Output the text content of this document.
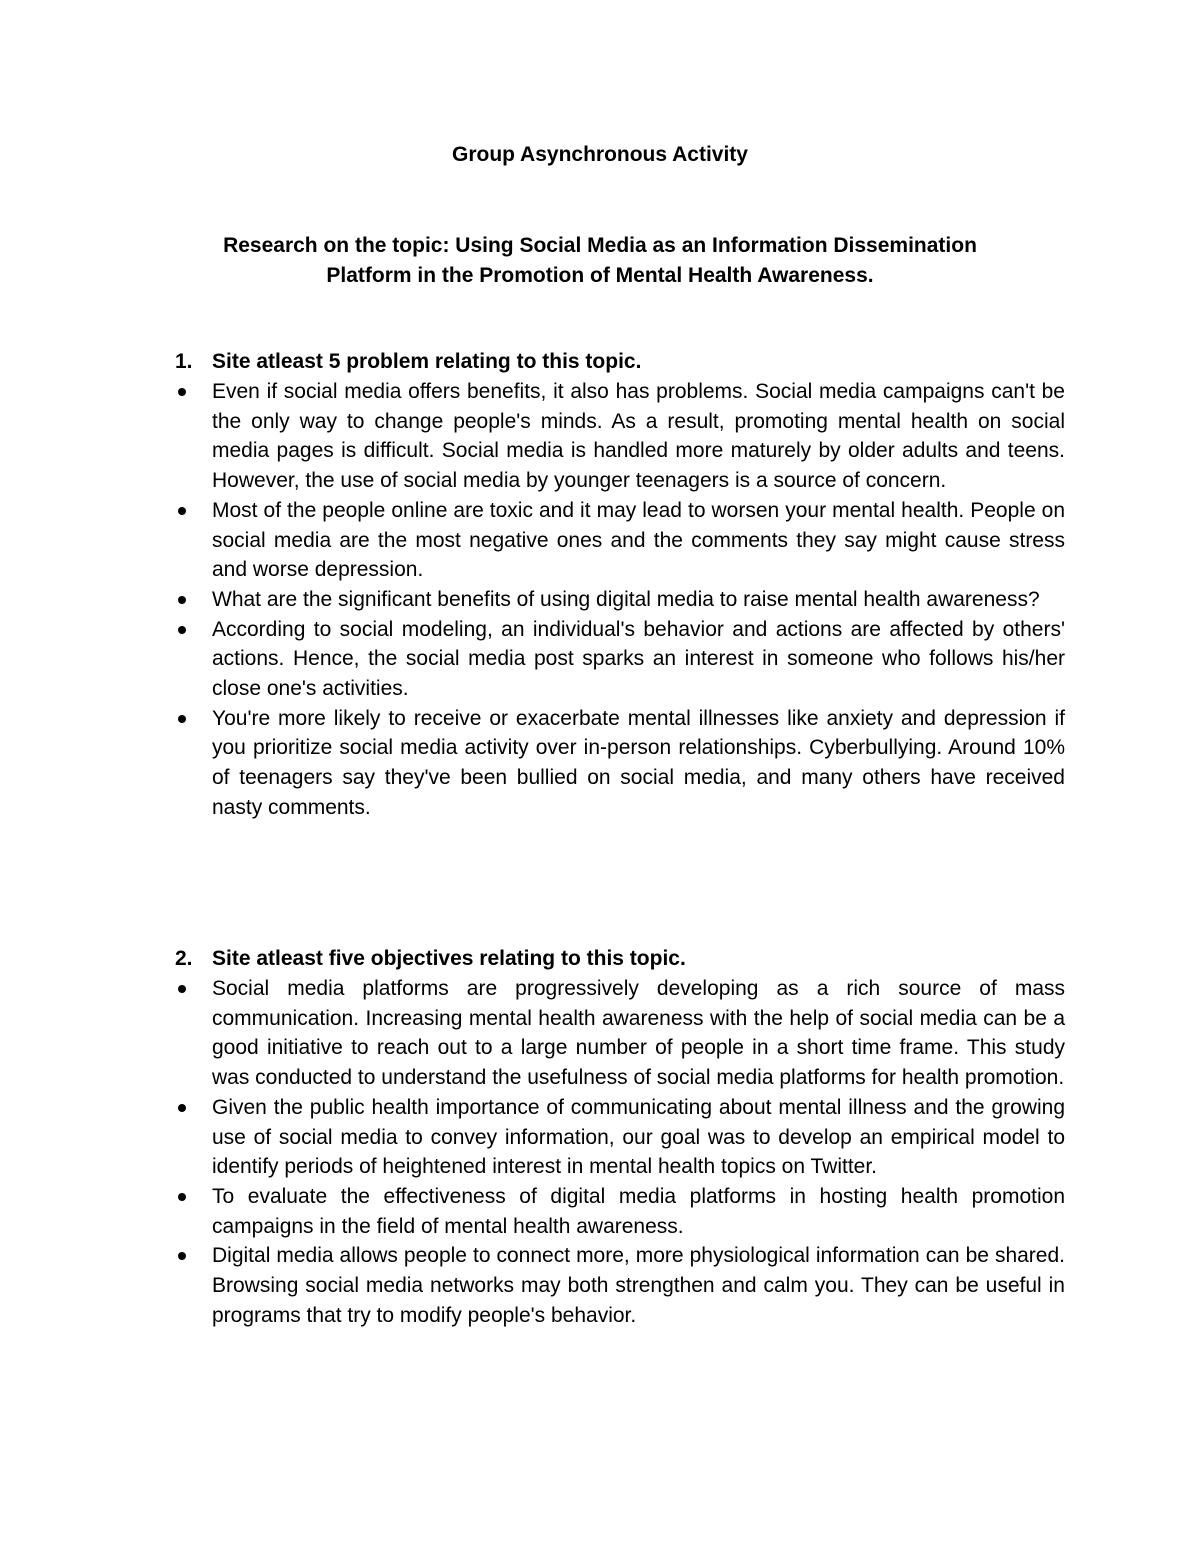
Group Asynchronous Activity
Research on the topic: Using Social Media as an Information Dissemination
Platform in the Promotion of Mental Health Awareness.
1. Site atleast 5 problem relating to this topic.
Even if social media offers benefits, it also has problems. Social media campaigns can't be the only way to change people's minds. As a result, promoting mental health on social media pages is difficult. Social media is handled more maturely by older adults and teens. However, the use of social media by younger teenagers is a source of concern.
Most of the people online are toxic and it may lead to worsen your mental health. People on social media are the most negative ones and the comments they say might cause stress and worse depression.
What are the significant benefits of using digital media to raise mental health awareness?
According to social modeling, an individual's behavior and actions are affected by others' actions. Hence, the social media post sparks an interest in someone who follows his/her close one's activities.
You're more likely to receive or exacerbate mental illnesses like anxiety and depression if you prioritize social media activity over in-person relationships. Cyberbullying. Around 10% of teenagers say they've been bullied on social media, and many others have received nasty comments.
2. Site atleast five objectives relating to this topic.
Social media platforms are progressively developing as a rich source of mass communication. Increasing mental health awareness with the help of social media can be a good initiative to reach out to a large number of people in a short time frame. This study was conducted to understand the usefulness of social media platforms for health promotion.
Given the public health importance of communicating about mental illness and the growing use of social media to convey information, our goal was to develop an empirical model to identify periods of heightened interest in mental health topics on Twitter.
To evaluate the effectiveness of digital media platforms in hosting health promotion campaigns in the field of mental health awareness.
Digital media allows people to connect more, more physiological information can be shared. Browsing social media networks may both strengthen and calm you. They can be useful in programs that try to modify people's behavior.
